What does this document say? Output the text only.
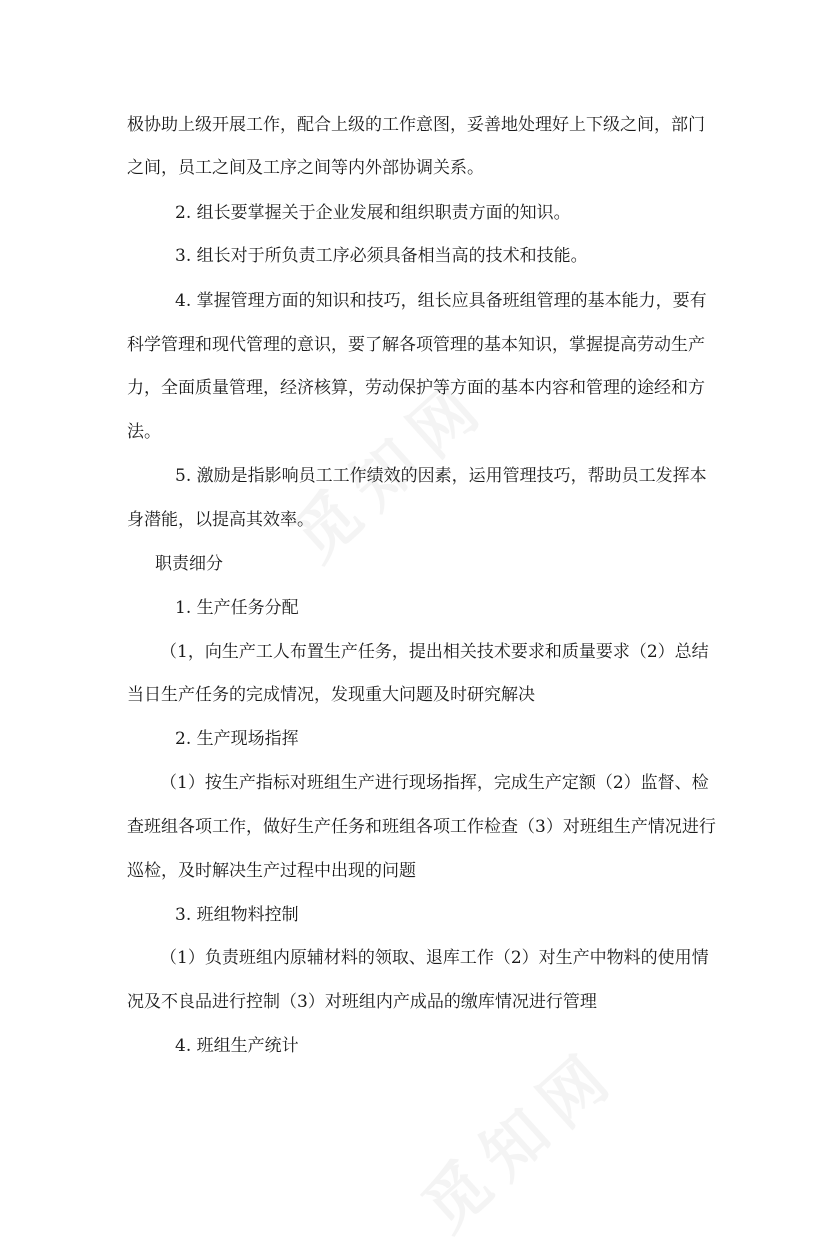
极协助上级开展工作，配合上级的工作意图，妥善地处理好上下级之间，部门
之间，员工之间及工序之间等内外部协调关系。
2. 组长要掌握关于企业发展和组织职责方面的知识。
3. 组长对于所负责工序必须具备相当高的技术和技能。
4. 掌握管理方面的知识和技巧，组长应具备班组管理的基本能力，要有
科学管理和现代管理的意识，要了解各项管理的基本知识，掌握提高劳动生产
力，全面质量管理，经济核算，劳动保护等方面的基本内容和管理的途经和方
法。
5. 激励是指影响员工工作绩效的因素，运用管理技巧，帮助员工发挥本
身潜能，以提高其效率。
职责细分
1. 生产任务分配
（1，向生产工人布置生产任务，提出相关技术要求和质量要求（2）总结
当日生产任务的完成情况，发现重大问题及时研究解决
2. 生产现场指挥
（1）按生产指标对班组生产进行现场指挥，完成生产定额（2）监督、检
查班组各项工作，做好生产任务和班组各项工作检查（3）对班组生产情况进行
巡检，及时解决生产过程中出现的问题
3. 班组物料控制
（1）负责班组内原辅材料的领取、退库工作（2）对生产中物料的使用情
况及不良品进行控制（3）对班组内产成品的缴库情况进行管理
4. 班组生产统计
